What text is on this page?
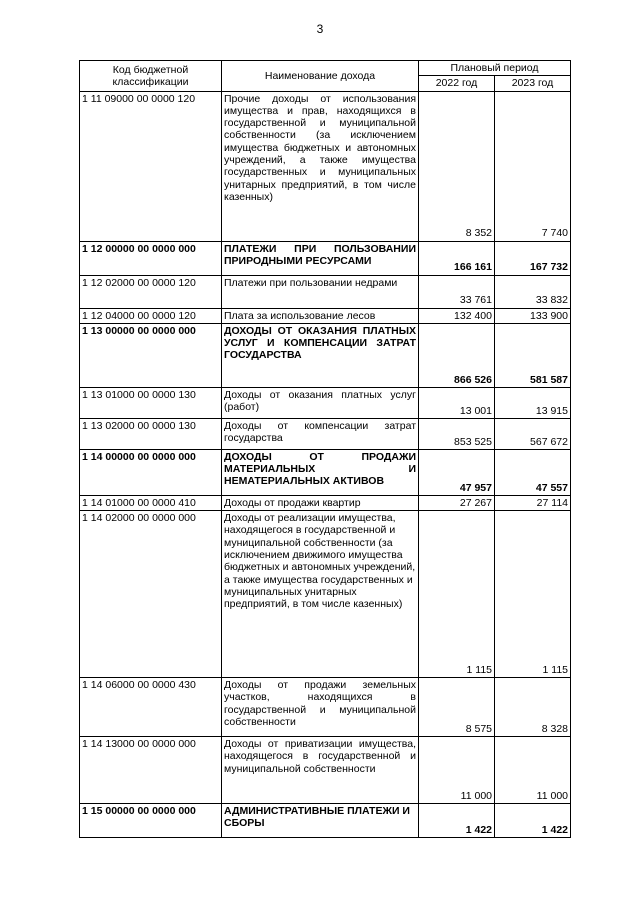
3
Код бюджетной классификации	Наименование дохода	Плановый период	
		2022 год	2023 год
1 11 09000 00 0000 120	Прочие доходы от использования имущества и прав, находящихся в государственной и муниципальной собственности (за исключением имущества бюджетных и автономных учреждений, а также имущества государственных и муниципальных унитарных предприятий, в том числе казенных)	8 352	7 740
1 12 00000 00 0000 000	ПЛАТЕЖИ ПРИ ПОЛЬЗОВАНИИ ПРИРОДНЫМИ РЕСУРСАМИ	166 161	167 732
1 12 02000 00 0000 120	Платежи при пользовании недрами	33 761	33 832
1 12 04000 00 0000 120	Плата за использование лесов	132 400	133 900
1 13 00000 00 0000 000	ДОХОДЫ ОТ ОКАЗАНИЯ ПЛАТНЫХ УСЛУГ И КОМПЕНСАЦИИ ЗАТРАТ ГОСУДАРСТВА	866 526	581 587
1 13 01000 00 0000 130	Доходы от оказания платных услуг (работ)	13 001	13 915
1 13 02000 00 0000 130	Доходы от компенсации затрат государства	853 525	567 672
1 14 00000 00 0000 000	ДОХОДЫ ОТ ПРОДАЖИ МАТЕРИАЛЬНЫХ И НЕМАТЕРИАЛЬНЫХ АКТИВОВ	47 957	47 557
1 14 01000 00 0000 410	Доходы от продажи квартир	27 267	27 114
1 14 02000 00 0000 000	Доходы от реализации имущества, находящегося в государственной и муниципальной собственности (за исключением движимого имущества бюджетных и автономных учреждений, а также имущества государственных и муниципальных унитарных предприятий, в том числе казенных)	1 115	1 115
1 14 06000 00 0000 430	Доходы от продажи земельных участков, находящихся в государственной и муниципальной собственности	8 575	8 328
1 14 13000 00 0000 000	Доходы от приватизации имущества, находящегося в государственной и муниципальной собственности	11 000	11 000
1 15 00000 00 0000 000	АДМИНИСТРАТИВНЫЕ ПЛАТЕЖИ И СБОРЫ	1 422	1 422
